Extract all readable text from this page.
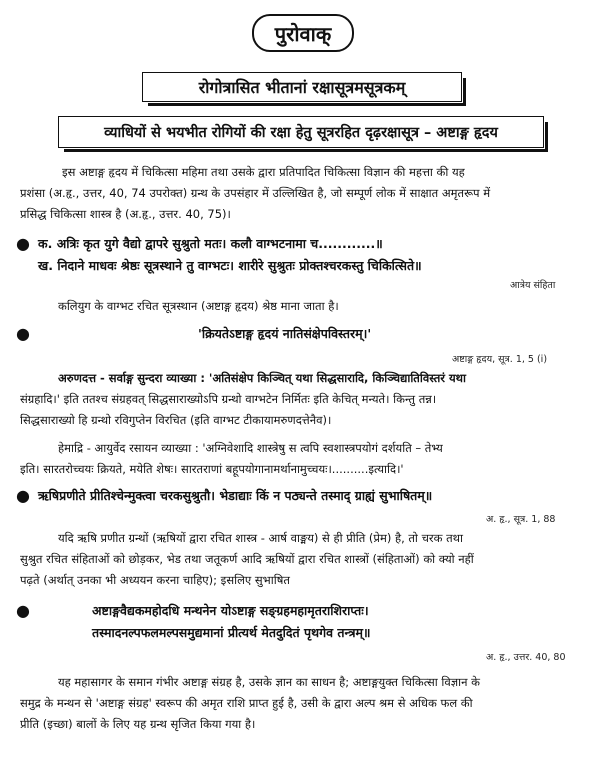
पुरोवाक्
रोगोत्रासित भीतानां रक्षासूत्रमसूत्रकम्
व्याधियों से भयभीत रोगियों की रक्षा हेतु सूत्ररहित दृढ़रक्षासूत्र – अष्टाङ्ग हृदय
इस अष्टाङ्ग हृदय में चिकित्सा महिमा तथा उसके द्वारा प्रतिपादित चिकित्सा विज्ञान की महत्ता की यह
प्रशंसा (अ.हृ., उत्तर, 40, 74 उपरोक्त) ग्रन्थ के उपसंहार में उल्लिखित है, जो सम्पूर्ण लोक में साक्षात अमृतरूप में
प्रसिद्ध चिकित्सा शास्त्र है (अ.हृ., उत्तर. 40, 75)।
● क. अत्रिः कृत युगे वैद्यो द्वापरे सुश्रुतो मतः। कलौ वाग्भटनामा च............॥
ख. निदाने माधवः श्रेष्ठः सूत्रस्थाने तु वाग्भटः। शारीरे सुश्रुतः प्रोक्तश्चरकस्तु चिकित्सिते॥
आत्रेय संहिता
कलियुग के वाग्भट रचित सूत्रस्थान (अष्टाङ्ग हृदय) श्रेष्ठ माना जाता है।
●	'क्रियतेऽष्टाङ्ग हृदयं नातिसंक्षेपविस्तरम्।'
अष्टाङ्ग हृदय, सूत्र. 1, 5 (i)
अरुणदत्त - सर्वाङ्ग सुन्दरा व्याख्या : 'अतिसंक्षेप किञ्चित् यथा सिद्धसारादि, किञ्चिद्यातिविस्तरं यथा
संग्रहादि।' इति ततश्च संग्रहवत् सिद्धसाराख्योऽपि ग्रन्थो वाग्भटेन निर्मितः इति केचित् मन्यते। किन्तु तन्न।
सिद्धसाराख्यो हि ग्रन्थो रविगुप्तेन विरचित (इति वाग्भट टीकायामरुणदत्तेनैव)।
हेमाद्रि - आयुर्वेद रसायन व्याख्या : 'अग्निवेशादि शास्त्रेषु स त्वपि स्वशास्त्रपयोगं दर्शयति – तेभ्य
इति। सारतरोच्चयः क्रियते, मयेति शेषः। सारतराणां बहूपयोगानामर्थानामुच्चयः।..........इत्यादि।'
● ऋषिप्रणीते प्रीतिश्चेन्मुक्त्वा चरकसुश्रुतौ। भेडाद्याः किं न पठ्यन्ते तस्माद् ग्राह्यं सुभाषितम्॥
अ. हृ., सूत्र. 1, 88
यदि ऋषि प्रणीत ग्रन्थों (ऋषियों द्वारा रचित शास्त्र - आर्ष वाङ्मय) से ही प्रीति (प्रेम) है, तो चरक तथा
सुश्रुत रचित संहिताओं को छोड़कर, भेड तथा जतूकर्ण आदि ऋषियों द्वारा रचित शास्त्रों (संहिताओं) को क्यो नहीं
पढ़ते (अर्थात् उनका भी अध्ययन करना चाहिए); इसलिए सुभाषित
●	अष्टाङ्गवैद्यकमहोदधि मन्थनेन योऽष्टाङ्ग सङ्ग्रहमहामृतराशिराप्तः।
तस्मादनल्पफलमल्पसमुद्यमानां प्रीत्यर्थ मेतदुदितं पृथगेव तन्त्रम्॥
अ. हृ., उत्तर. 40, 80
यह महासागर के समान गंभीर अष्टाङ्ग संग्रह है, उसके ज्ञान का साधन है; अष्टाङ्गयुक्त चिकित्सा विज्ञान के
समुद्र के मन्थन से 'अष्टाङ्ग संग्रह' स्वरूप की अमृत राशि प्राप्त हुई है, उसी के द्वारा अल्प श्रम से अधिक फल की
प्रीति (इच्छा) बालों के लिए यह ग्रन्थ सृजित किया गया है।
